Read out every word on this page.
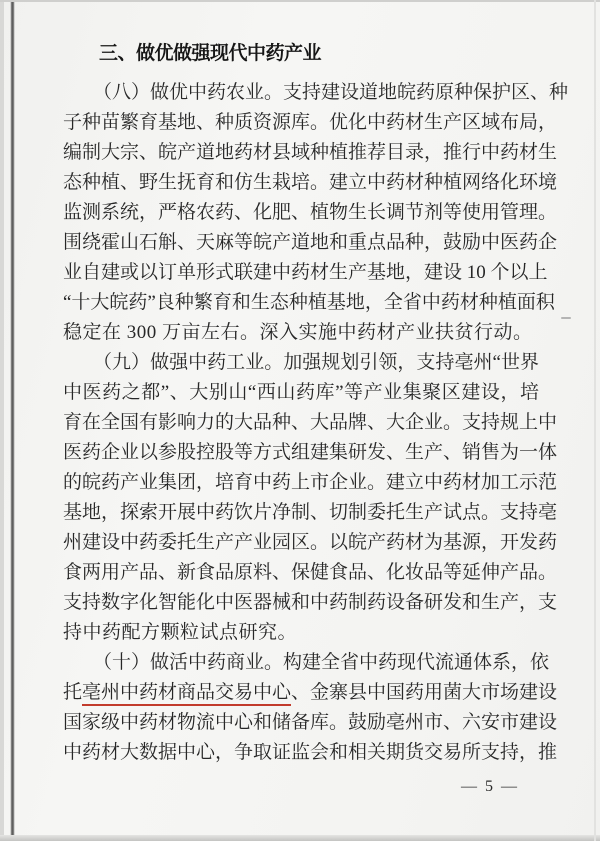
三、做优做强现代中药产业
（八）做优中药农业。支持建设道地皖药原种保护区、种
子种苗繁育基地、种质资源库。优化中药材生产区域布局，
编制大宗、皖产道地药材县域种植推荐目录，推行中药材生
态种植、野生抚育和仿生栽培。建立中药材种植网络化环境
监测系统，严格农药、化肥、植物生长调节剂等使用管理。
围绕霍山石斛、天麻等皖产道地和重点品种，鼓励中医药企
业自建或以订单形式联建中药材生产基地，建设 10 个以上
“十大皖药”良种繁育和生态种植基地，全省中药材种植面积
稳定在 300 万亩左右。深入实施中药材产业扶贫行动。
（九）做强中药工业。加强规划引领，支持亳州“世界
中医药之都”、大别山“西山药库”等产业集聚区建设，培
育在全国有影响力的大品种、大品牌、大企业。支持规上中
医药企业以参股控股等方式组建集研发、生产、销售为一体
的皖药产业集团，培育中药上市企业。建立中药材加工示范
基地，探索开展中药饮片净制、切制委托生产试点。支持亳
州建设中药委托生产产业园区。以皖产药材为基源，开发药
食两用产品、新食品原料、保健食品、化妆品等延伸产品。
支持数字化智能化中医器械和中药制药设备研发和生产，支
持中药配方颗粒试点研究。
（十）做活中药商业。构建全省中药现代流通体系，依
托亳州中药材商品交易中心、金寨县中国药用菌大市场建设
国家级中药材物流中心和储备库。鼓励亳州市、六安市建设
中药材大数据中心，争取证监会和相关期货交易所支持，推
— 5 —
